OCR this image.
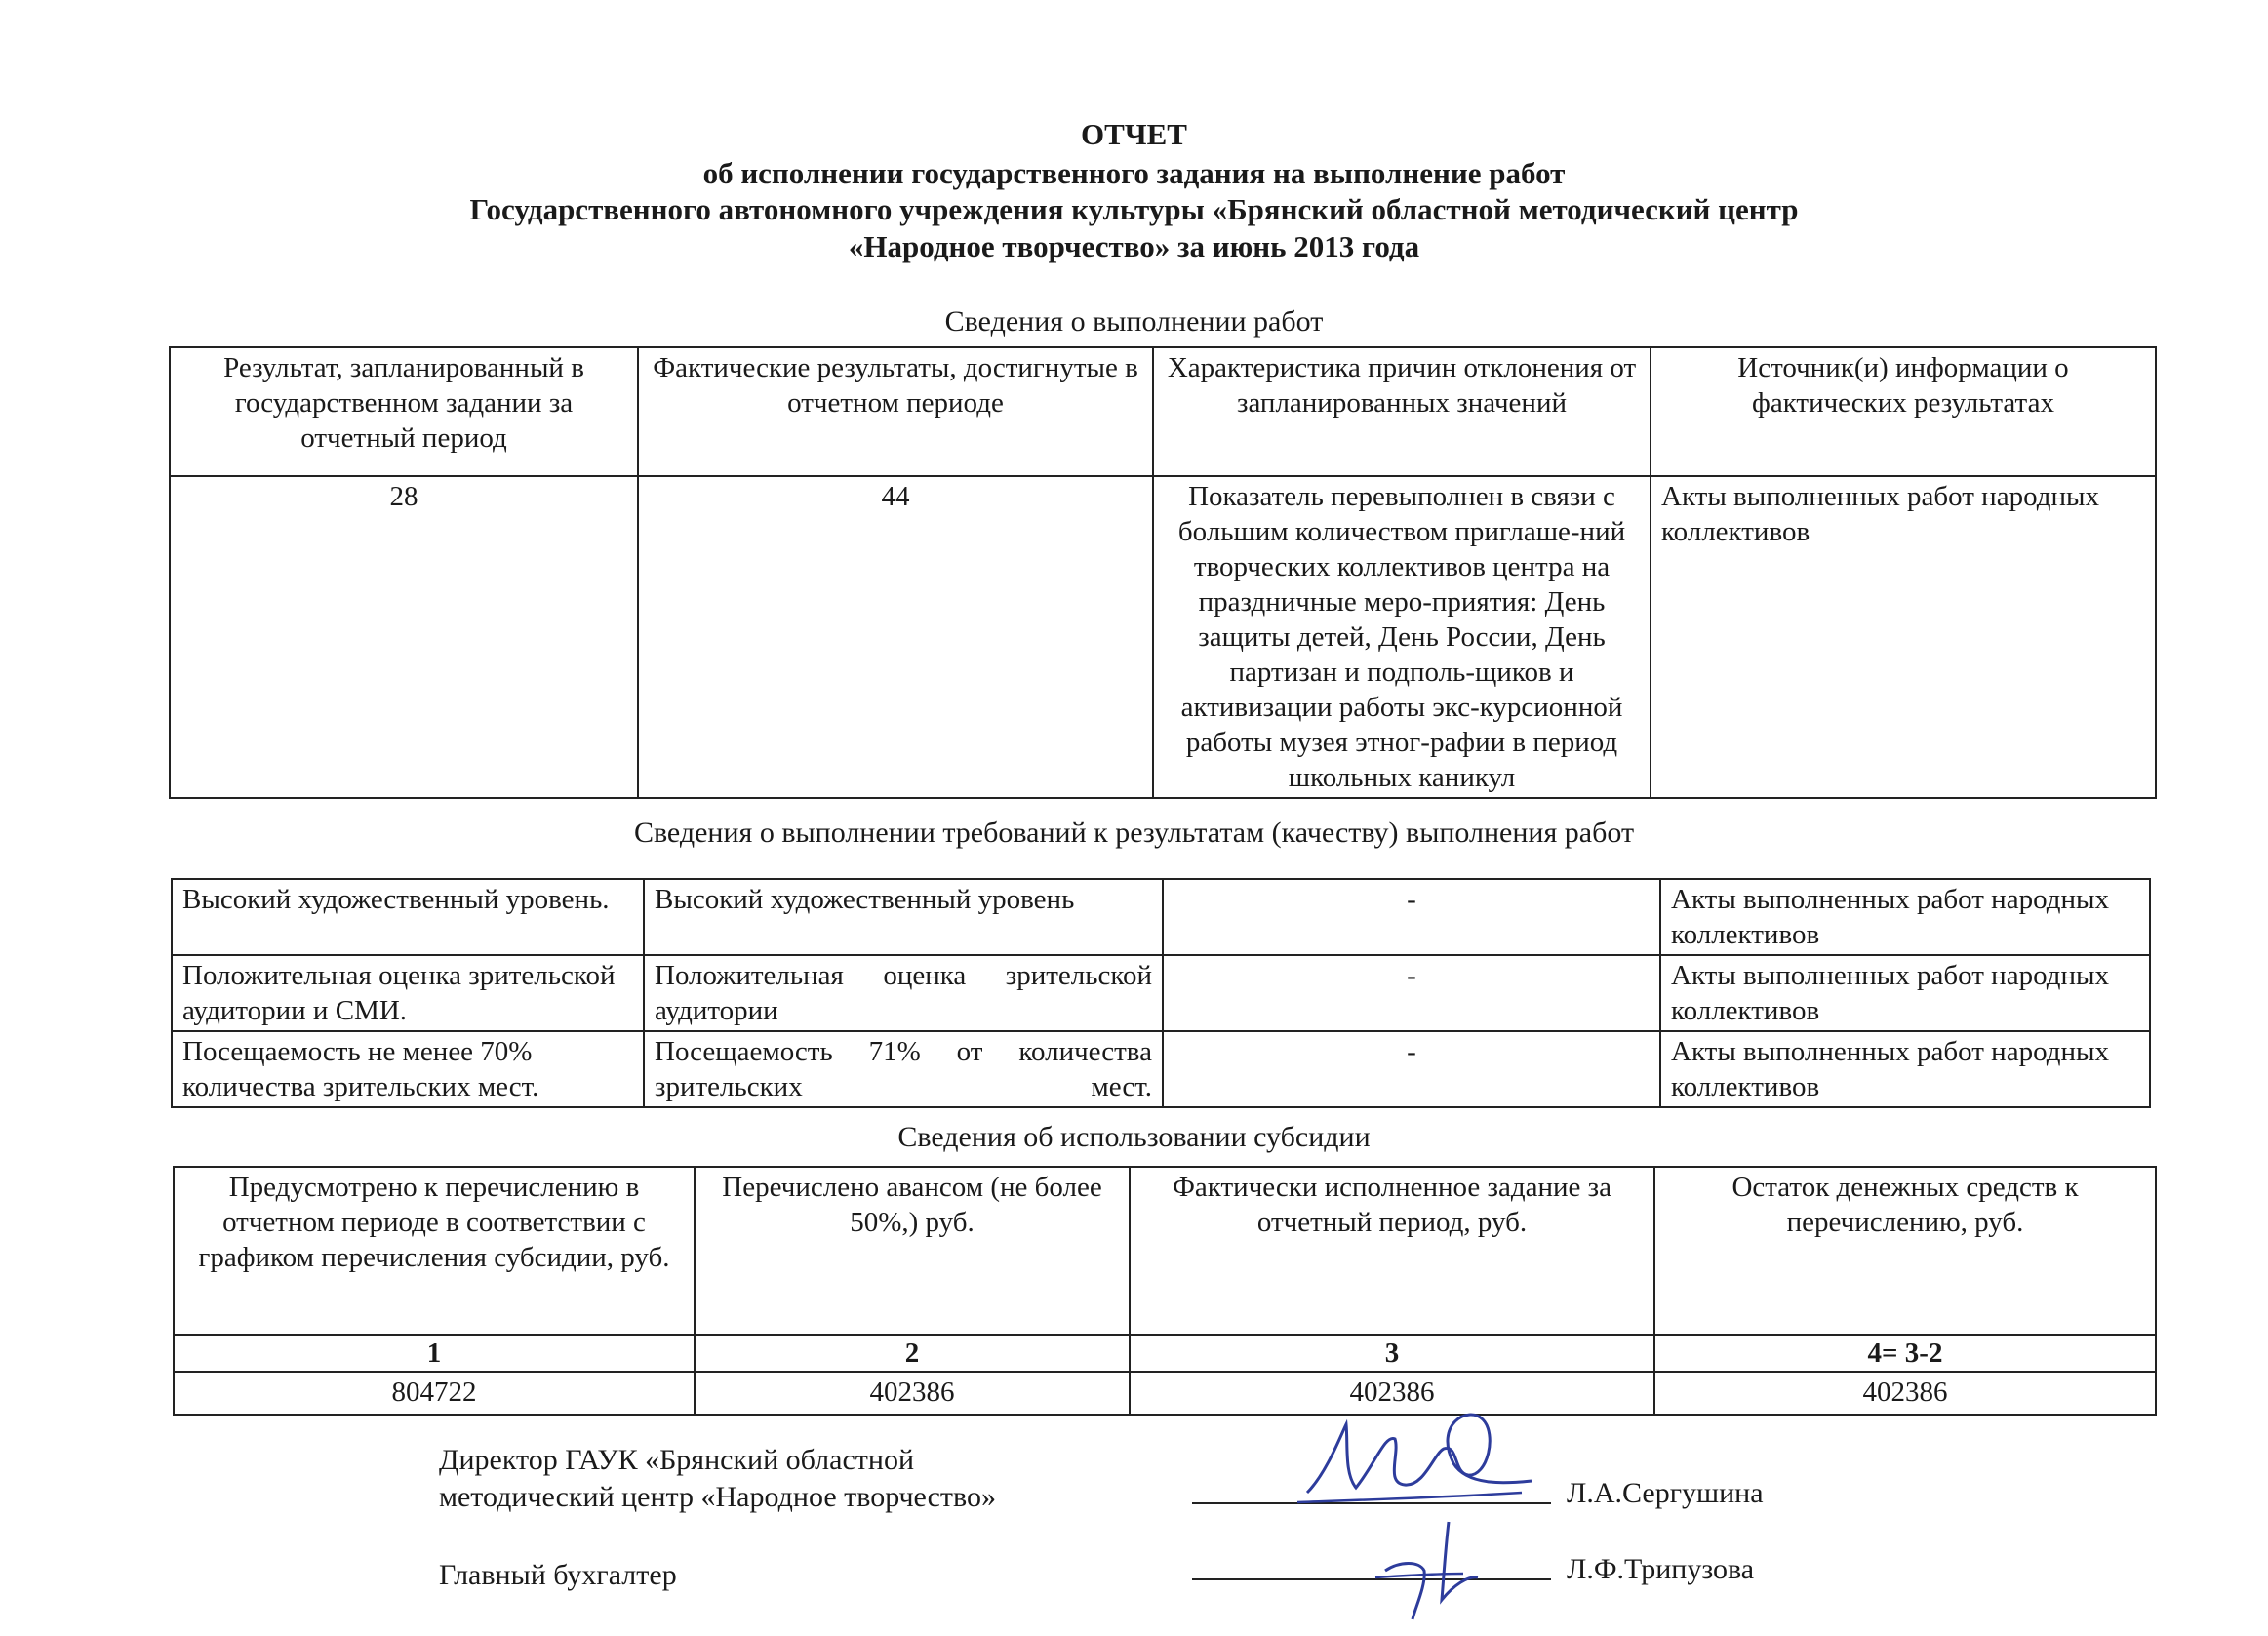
ОТЧЕТ
об исполнении государственного задания на выполнение работ
Государственного автономного учреждения культуры «Брянский областной методический центр
«Народное творчество» за июнь 2013 года
Сведения о выполнении работ
Результат, запланированный в государственном задании за отчетный период	Фактические результаты, достигнутые в отчетном периоде	Характеристика причин отклонения от запланированных значений	Источник(и) информации о фактических результатах
28	44	Показатель перевыполнен в связи с большим количеством приглаше-ний творческих коллективов центра на праздничные меро-приятия: День защиты детей, День России, День партизан и подполь-щиков и активизации работы экс-курсионной работы музея этног-рафии в период школьных каникул	Акты выполненных работ народных коллективов
Сведения о выполнении требований к результатам (качеству) выполнения работ
Высокий художественный уровень.	Высокий художественный уровень	-	Акты выполненных работ народных коллективов
Положительная оценка зрительской аудитории и СМИ.	Положительная оценка зрительской аудитории	-	Акты выполненных работ народных коллективов
Посещаемость не менее 70% количества зрительских мест.	Посещаемость 71% от количества зрительских мест.	-	Акты выполненных работ народных коллективов
Сведения об использовании субсидии
Предусмотрено к перечислению в отчетном периоде в соответствии с графиком перечисления субсидии, руб.	Перечислено авансом (не более 50%,) руб.	Фактически исполненное задание за отчетный период, руб.	Остаток денежных средств к перечислению, руб.
1	2	3	4= 3-2
804722	402386	402386	402386
Директор ГАУК «Брянский областной
методический центр «Народное творчество»	Л.А.Сергушина
Главный бухгалтер	Л.Ф.Трипузова
